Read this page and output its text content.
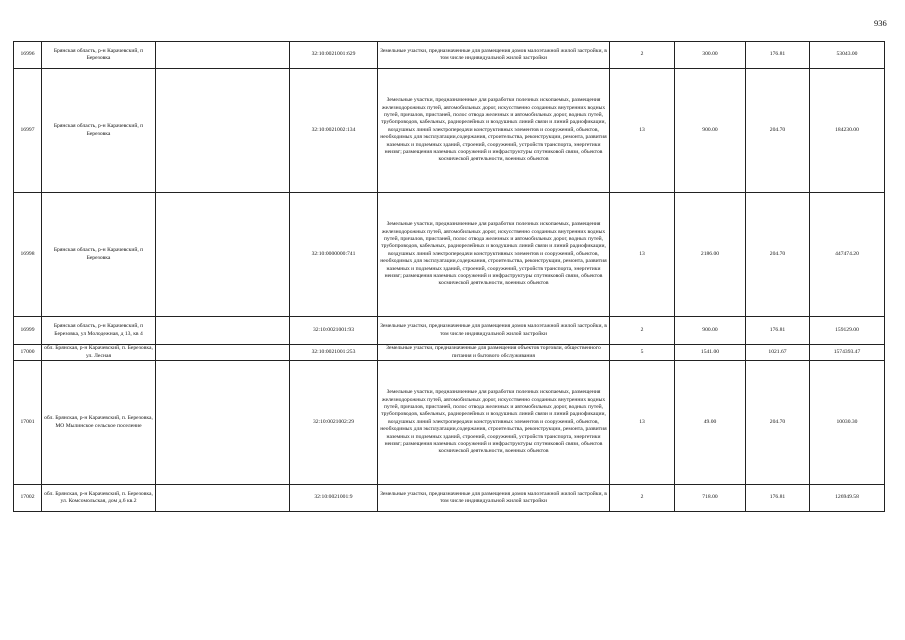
936
16996	Брянская область, р-н Карачевский, п Березовка		32:10:0021001:629	Земельные участки, предназначенные для размещения домов малоэтажной жилой застройки, в том числе индивидуальной жилой застройки	2	300.00	176.81	53043.00
16997	Брянская область, р-н Карачевский, п Березовка		32:10:0021002:134	Земельные участки, предназначенные для разработки полезных ископаемых, размещения железнодорожных путей, автомобильных дорог, искусственно созданных внутренних водных путей, причалов, пристаней, полос отвода железных и автомобильных дорог, водных путей, трубопроводов, кабельных, радиорелейных и воздушных линий связи и линий радиофикации, воздушных линий электропередачи конструктивных элементов и сооружений, объектов, необходимых для эксплуатации,содержания, строительства, реконструкции, ремонта, развития наземных и подземных зданий, строений, сооружений, устройств транспорта, энергетики неизвг; размещения наземных сооружений и инфраструктуры спутниковой связи, объектов космической деятельности, военных объектов	13	900.00	204.70	184230.00
16998	Брянская область, р-н Карачевский, п Березовка		32:10:0000000:741	Земельные участки, предназначенные для разработки полезных ископаемых, размещения железнодорожных путей, автомобильных дорог, искусственно созданных внутренних водных путей, причалов, пристаней, полос отвода железных и автомобильных дорог, водных путей, трубопроводов, кабельных, радиорелейных и воздушных линий связи и линий радиофикации, воздушных линий электропередачи конструктивных элементов и сооружений, объектов, необходимых для эксплуатации,содержания, строительства, реконструкции, ремонта, развития наземных и подземных зданий, строений, сооружений, устройств транспорта, энергетики неизвг; размещения наземных сооружений и инфраструктуры спутниковой связи, объектов космической деятельности, военных объектов	13	2186.00	204.70	447474.20
16999	Брянская область, р-н Карачевский, п Березовка, ул Молодежная, д 13, кв 4		32:10:0021001:93	Земельные участки, предназначенные для размещения домов малоэтажной жилой застройки, в том числе индивидуальной жилой застройки	2	900.00	176.81	159129.00
17000	обл. Брянская, р-н Карачевский, п. Березовка, ул. Лесная		32:10:0021001:253	Земельные участки, предназначенные для размещения объектов торговли, общественного питания и бытового обслуживания	5	1541.00	1021.67	1574393.47
17001	обл. Брянская, р-н Карачевский, п. Березовка, МО Мылинское сельское поселение		32:10:0021002:29	Земельные участки, предназначенные для разработки полезных ископаемых, размещения железнодорожных путей, автомобильных дорог, искусственно созданных внутренних водных путей, причалов, пристаней, полос отвода железных и автомобильных дорог, водных путей, трубопроводов, кабельных, радиорелейных и воздушных линий связи и линий радиофикации, воздушных линий электропередачи конструктивных элементов и сооружений, объектов, необходимых для эксплуатации,содержания, строительства, реконструкции, ремонта, развития наземных и подземных зданий, строений, сооружений, устройств транспорта, энергетики неизвг; размещения наземных сооружений и инфраструктуры спутниковой связи, объектов космической деятельности, военных объектов	13	49.00	204.70	10030.30
17002	обл. Брянская, р-н Карачевский, п. Березовка, ул. Комсомольская, дом д.6 кв.2		32:10:0021001:9	Земельные участки, предназначенные для размещения домов малоэтажной жилой застройки, в том числе индивидуальной жилой застройки	2	718.00	176.81	126949.58
